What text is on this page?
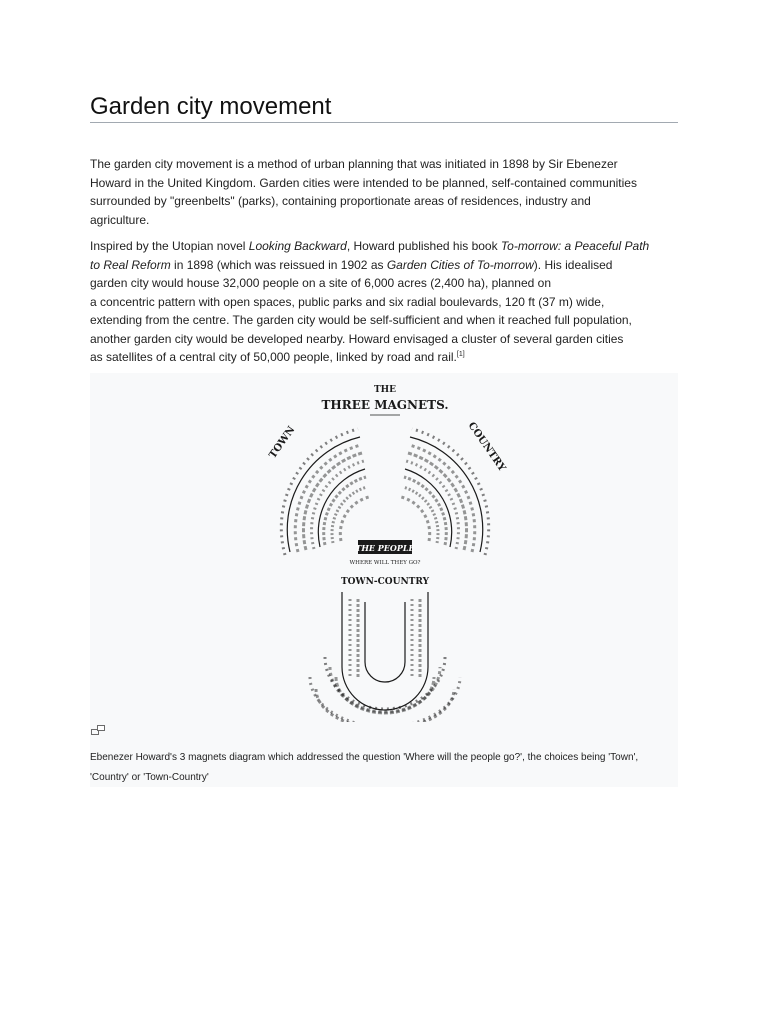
Garden city movement

The garden city movement is a method of urban planning that was initiated in 1898 by Sir Ebenezer
Howard in the United Kingdom. Garden cities were intended to be planned, self-contained communities
surrounded by "greenbelts" (parks), containing proportionate areas of residences, industry and
agriculture.

Inspired by the Utopian novel Looking Backward, Howard published his book To-morrow: a Peaceful Path
to Real Reform in 1898 (which was reissued in 1902 as Garden Cities of To-morrow). His idealised
garden city would house 32,000 people on a site of 6,000 acres (2,400 ha), planned on
a concentric pattern with open spaces, public parks and six radial boulevards, 120 ft (37 m) wide,
extending from the centre. The garden city would be self-sufficient and when it reached full population,
another garden city would be developed nearby. Howard envisaged a cluster of several garden cities
as satellites of a central city of 50,000 people, linked by road and rail.[1]

THE
THREE MAGNETS.
TOWN	COUNTRY
THE PEOPLE
WHERE WILL THEY GO?
TOWN-COUNTRY

Ebenezer Howard's 3 magnets diagram which addressed the question 'Where will the people go?', the choices being 'Town',
'Country' or 'Town-Country'
